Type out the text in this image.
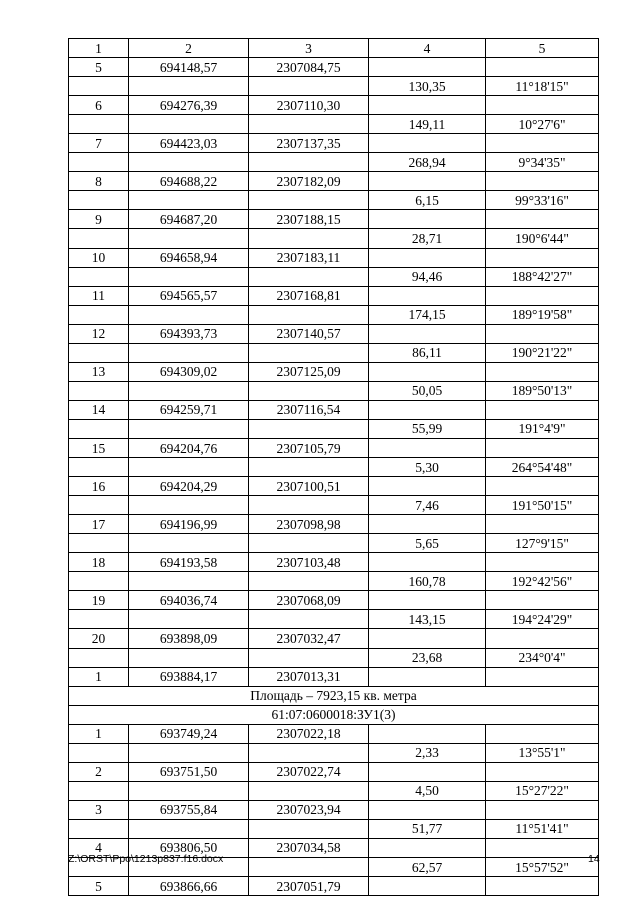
1	2	3	4	5
5	694148,57	2307084,75		
			130,35	11°18'15"
6	694276,39	2307110,30		
			149,11	10°27'6"
7	694423,03	2307137,35		
			268,94	9°34'35"
8	694688,22	2307182,09		
			6,15	99°33'16"
9	694687,20	2307188,15		
			28,71	190°6'44"
10	694658,94	2307183,11		
			94,46	188°42'27"
11	694565,57	2307168,81		
			174,15	189°19'58"
12	694393,73	2307140,57		
			86,11	190°21'22"
13	694309,02	2307125,09		
			50,05	189°50'13"
14	694259,71	2307116,54		
			55,99	191°4'9"
15	694204,76	2307105,79		
			5,30	264°54'48"
16	694204,29	2307100,51		
			7,46	191°50'15"
17	694196,99	2307098,98		
			5,65	127°9'15"
18	694193,58	2307103,48		
			160,78	192°42'56"
19	694036,74	2307068,09		
			143,15	194°24'29"
20	693898,09	2307032,47		
			23,68	234°0'4"
1	693884,17	2307013,31		
Площадь – 7923,15 кв. метра				
61:07:0600018:ЗУ1(3)				
1	693749,24	2307022,18		
			2,33	13°55'1"
2	693751,50	2307022,74		
			4,50	15°27'22"
3	693755,84	2307023,94		
			51,77	11°51'41"
4	693806,50	2307034,58		
			62,57	15°57'52"
5	693866,66	2307051,79		
Z:\ORST\Ppo\1213p837.f16.docx	14
